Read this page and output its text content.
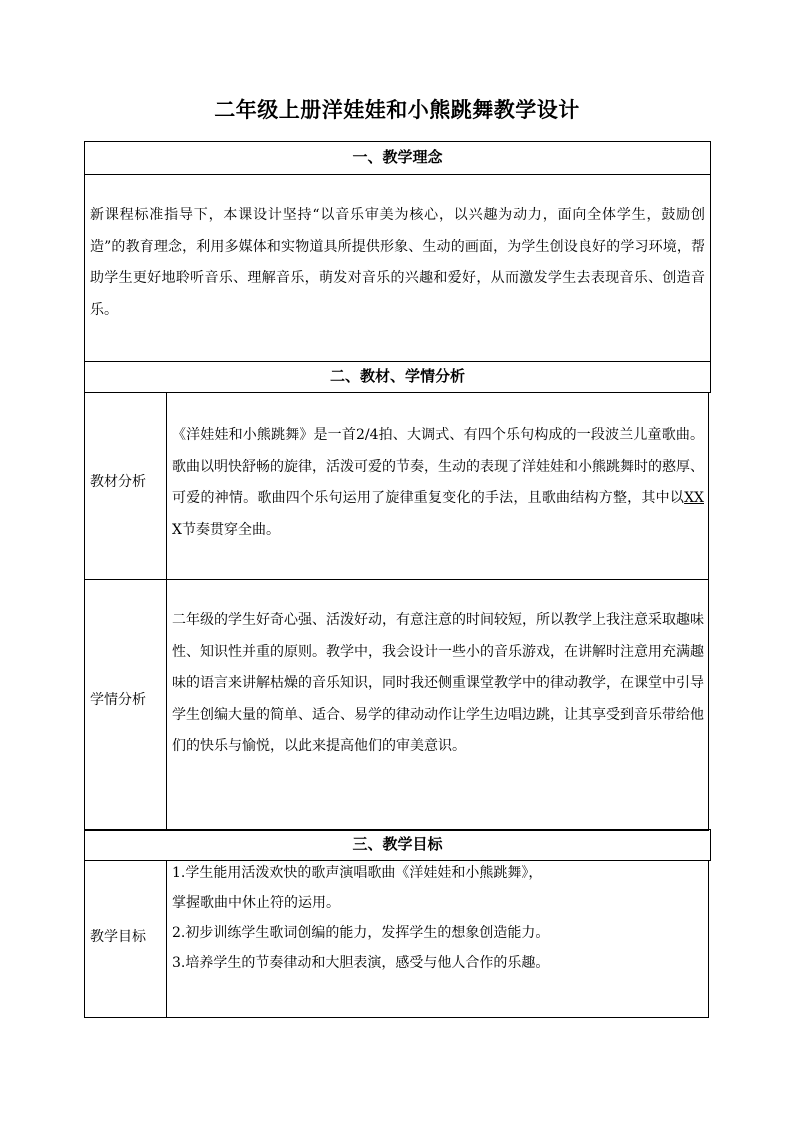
二年级上册洋娃娃和小熊跳舞教学设计
一、教学理念
新课程标准指导下，本课设计坚持“以音乐审美为核心，以兴趣为动力，面向全体学生，鼓励创造”的教育理念，利用多媒体和实物道具所提供形象、生动的画面，为学生创设良好的学习环境，帮助学生更好地聆听音乐、理解音乐，萌发对音乐的兴趣和爱好，从而激发学生去表现音乐、创造音乐。
二、教材、学情分析
教材分析
《洋娃娃和小熊跳舞》是一首2/4拍、大调式、有四个乐句构成的一段波兰儿童歌曲。歌曲以明快舒畅的旋律，活泼可爱的节奏，生动的表现了洋娃娃和小熊跳舞时的憨厚、可爱的神情。歌曲四个乐句运用了旋律重复变化的手法，且歌曲结构方整，其中以XX X节奏贯穿全曲。
学情分析
二年级的学生好奇心强、活泼好动，有意注意的时间较短，所以教学上我注意采取趣味性、知识性并重的原则。教学中，我会设计一些小的音乐游戏，在讲解时注意用充满趣味的语言来讲解枯燥的音乐知识，同时我还侧重课堂教学中的律动教学，在课堂中引导学生创编大量的简单、适合、易学的律动动作让学生边唱边跳，让其享受到音乐带给他们的快乐与愉悦，以此来提高他们的审美意识。
三、教学目标
教学目标

1.学生能用活泼欢快的歌声演唱歌曲《洋娃娃和小熊跳舞》，

掌握歌曲中休止符的运用。

2.初步训练学生歌词创编的能力，发挥学生的想象创造能力。

3.培养学生的节奏律动和大胆表演，感受与他人合作的乐趣。
